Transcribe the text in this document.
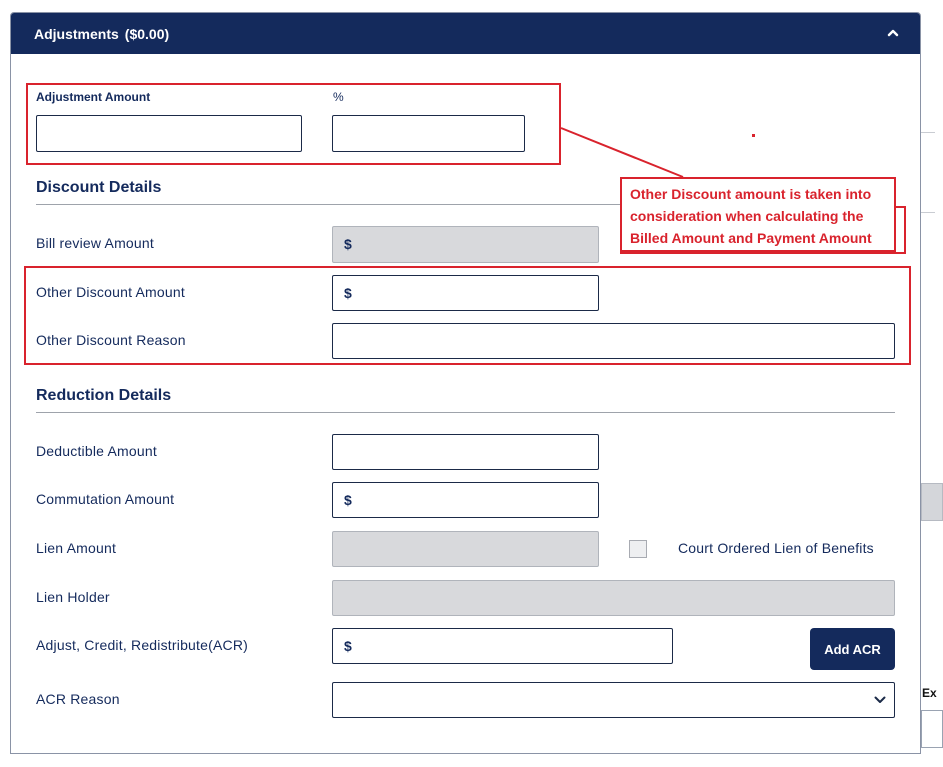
Ex
Adjustments ($0.00)
Adjustment Amount	%
Discount Details
Bill review Amount	$
Other Discount Amount	$
Other Discount Reason
Reduction Details
Deductible Amount
Commutation Amount	$
Lien Amount	Court Ordered Lien of Benefits
Lien Holder
Adjust, Credit, Redistribute(ACR)	$	Add ACR
ACR Reason
Other Discount amount is taken into consideration when calculating the Billed Amount and Payment Amount
